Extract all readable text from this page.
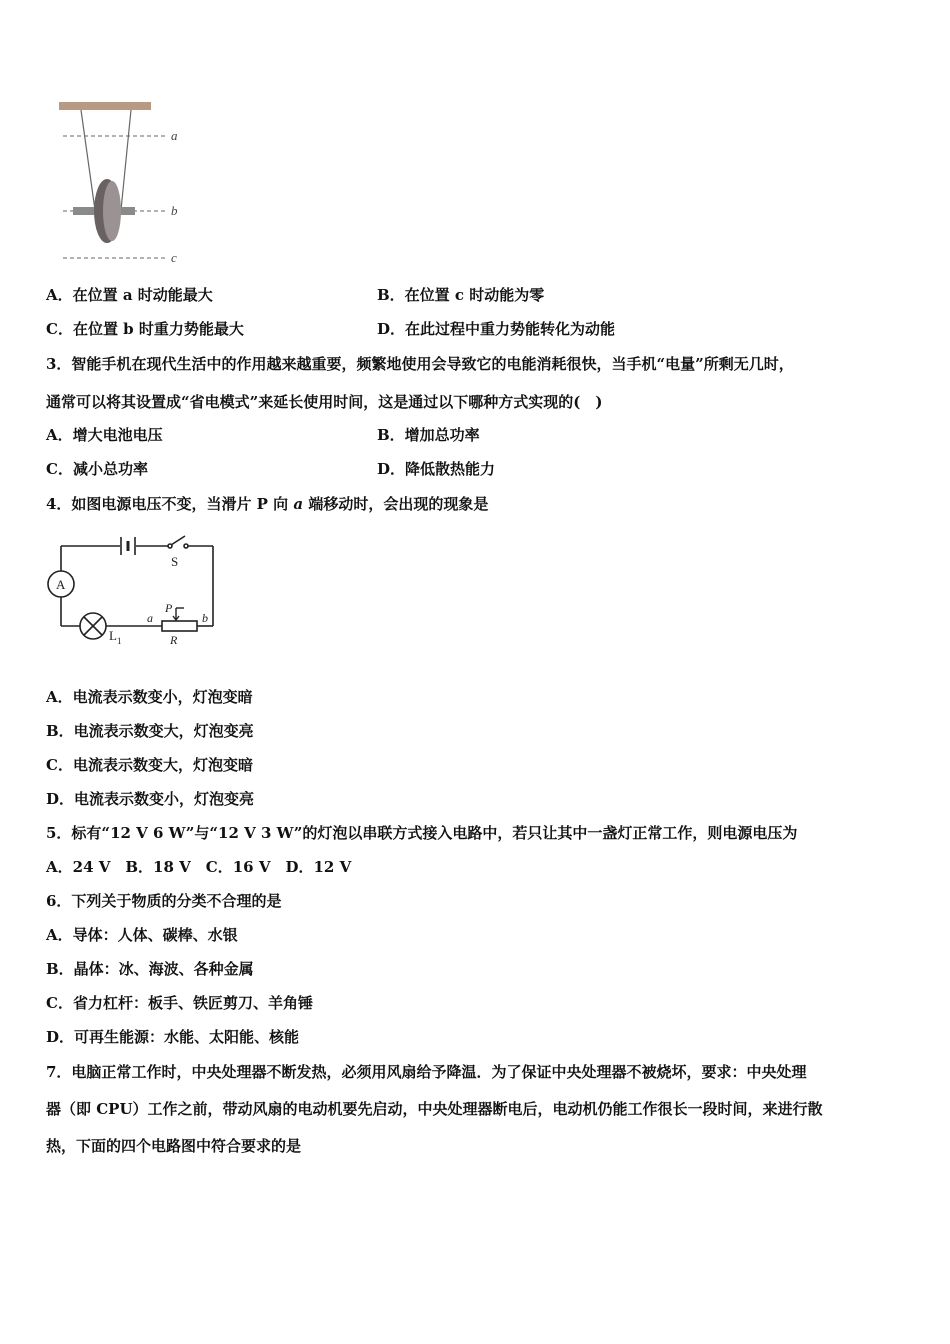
a
b
c
A．在位置 a 时动能最大	B．在位置 c 时动能为零
C．在位置 b 时重力势能最大	D．在此过程中重力势能转化为动能
3．智能手机在现代生活中的作用越来越重要，频繁地使用会导致它的电能消耗很快，当手机“电量”所剩无几时，
通常可以将其设置成“省电模式”来延长使用时间，这是通过以下哪种方式实现的(　)
A．增大电池电压	B．增加总功率
C．减小总功率	D．降低散热能力
4．如图电源电压不变，当滑片 P 向 a 端移动时，会出现的现象是
S
A
$L_1$
P
a	b
R
A．电流表示数变小，灯泡变暗
B．电流表示数变大，灯泡变亮
C．电流表示数变大，灯泡变暗
D．电流表示数变小，灯泡变亮
5．标有“12 V 6 W”与“12 V 3 W”的灯泡以串联方式接入电路中，若只让其中一盏灯正常工作，则电源电压为
A．24 V　B．18 V　C．16 V　D．12 V
6．下列关于物质的分类不合理的是
A．导体：人体、碳棒、水银
B．晶体：冰、海波、各种金属
C．省力杠杆：板手、铁匠剪刀、羊角锤
D．可再生能源：水能、太阳能、核能
7．电脑正常工作时，中央处理器不断发热，必须用风扇给予降温．为了保证中央处理器不被烧坏，要求：中央处理
器（即 CPU）工作之前，带动风扇的电动机要先启动，中央处理器断电后，电动机仍能工作很长一段时间，来进行散
热，下面的四个电路图中符合要求的是
